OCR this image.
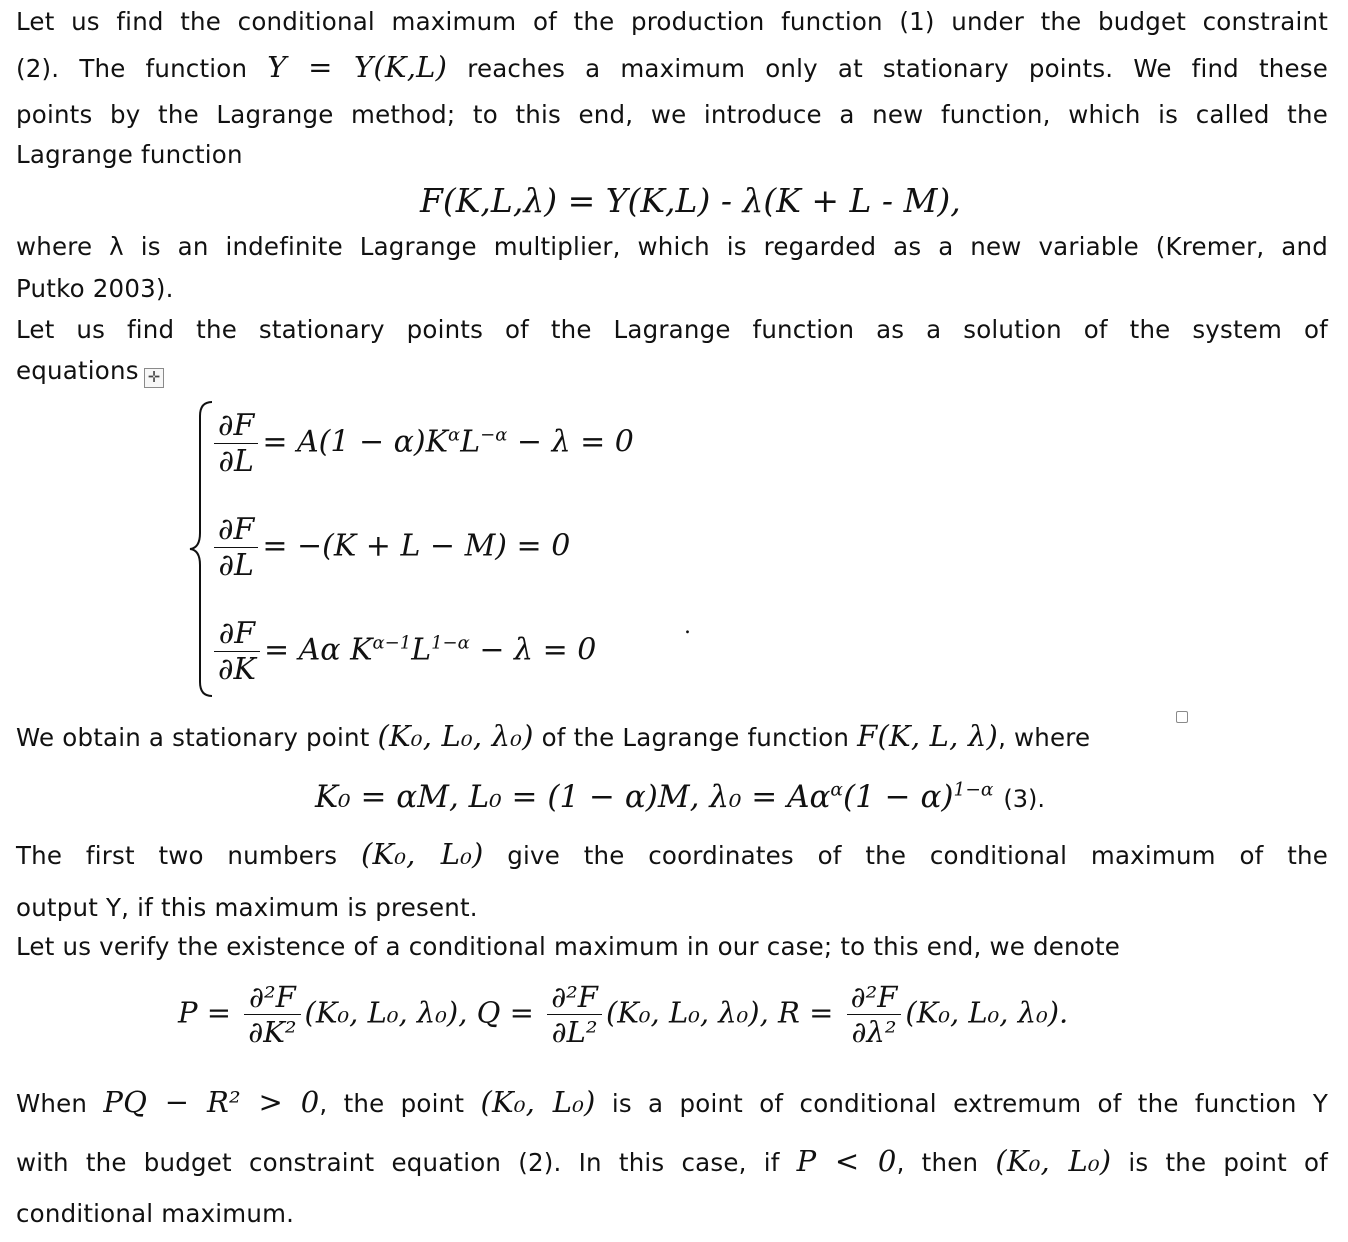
Let us find the conditional maximum of the production function (1) under the budget constraint
(2). The function Y = Y(K,L) reaches a maximum only at stationary points. We find these
points by the Lagrange method; to this end, we introduce a new function, which is called the
Lagrange function
F(K,L,λ) = Y(K,L) - λ(K + L - M),
where λ is an indefinite Lagrange multiplier, which is regarded as a new variable (Kremer, and
Putko 2003).
Let us find the stationary points of the Lagrange function as a solution of the system of
equations ✛
$\frac{\partial F}{\partial L} = A(1 - \alpha)K^\alpha L^{-\alpha} - \lambda = 0$
$\frac{\partial F}{\partial L} = -(K + L - M) = 0$
$\frac{\partial F}{\partial K} = A\alpha$ $K^{\alpha-1}L^{1-\alpha} - \lambda = 0$
.
We obtain a stationary point (K₀, L₀, λ₀) of the Lagrange function F(K, L, λ), where
K₀ = αM, L₀ = (1 − α)M, $\lambda_0 = A\alpha^\alpha(1 - \alpha)^{1-\alpha}$ (3).
The first two numbers (K₀, L₀) give the coordinates of the conditional maximum of the
output Y, if this maximum is present.
Let us verify the existence of a conditional maximum in our case; to this end, we denote
$P = \frac{\text{∂²F}}{\text{∂K²}} (K_0$, L₀, λ₀), $Q = \frac{\text{∂²F}}{\text{∂L²}} (K_0$, L₀, λ₀), $R = \frac{\text{∂²F}}{\text{∂λ²}} (K_0$, L₀, λ₀).
When PQ − R² > 0, the point (K₀, L₀) is a point of conditional extremum of the function Y
with the budget constraint equation (2). In this case, if P < 0, then (K₀, L₀) is the point of
conditional maximum.
